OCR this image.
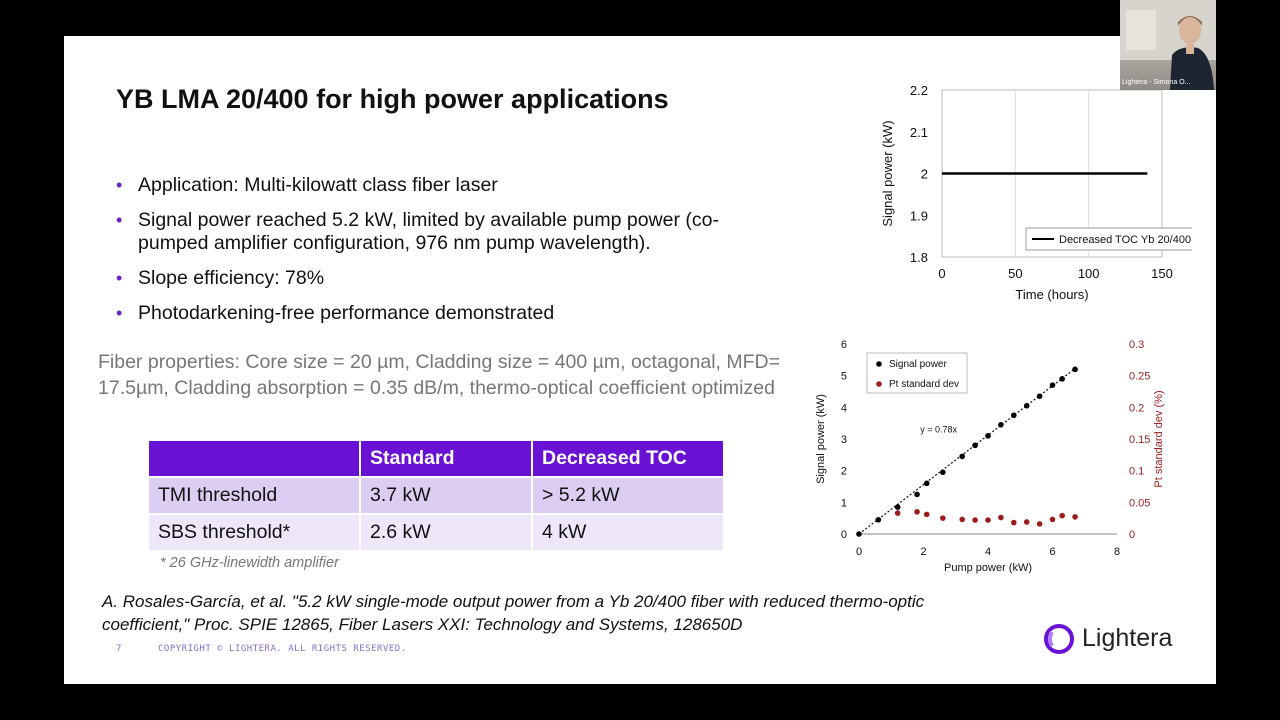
YB LMA 20/400 for high power applications
• Application: Multi-kilowatt class fiber laser
• Signal power reached 5.2 kW, limited by available pump power (co-pumped amplifier configuration, 976 nm pump wavelength).
• Slope efficiency: 78%
• Photodarkening-free performance demonstrated
Fiber properties: Core size = 20 µm, Cladding size = 400 µm, octagonal, MFD= 17.5µm, Cladding absorption = 0.35 dB/m, thermo-optical coefficient optimized
	Standard	Decreased TOC
TMI threshold	3.7 kW	> 5.2 kW
SBS threshold*	2.6 kW	4 kW
* 26 GHz-linewidth amplifier
A. Rosales-García, et al. "5.2 kW single-mode output power from a Yb 20/400 fiber with reduced thermo-optic coefficient," Proc. SPIE 12865, Fiber Lasers XXI: Technology and Systems, 128650D
7	COPYRIGHT © LIGHTERA. ALL RIGHTS RESERVED.	Lightera
0	50	100	150
1.8
1.9
2
2.1
2.2
Time (hours)
Signal power (kW)
Decreased TOC Yb 20/400
0	2	4	6	8
0
1
2
3
4
5
6
0
0.05
0.1
0.15
0.2
0.25
0.3
Pump power (kW)
Signal power (kW)	Pt standard dev (%)
y = 0.78x
Signal power
Pt standard dev
Lightera - Simona O...
